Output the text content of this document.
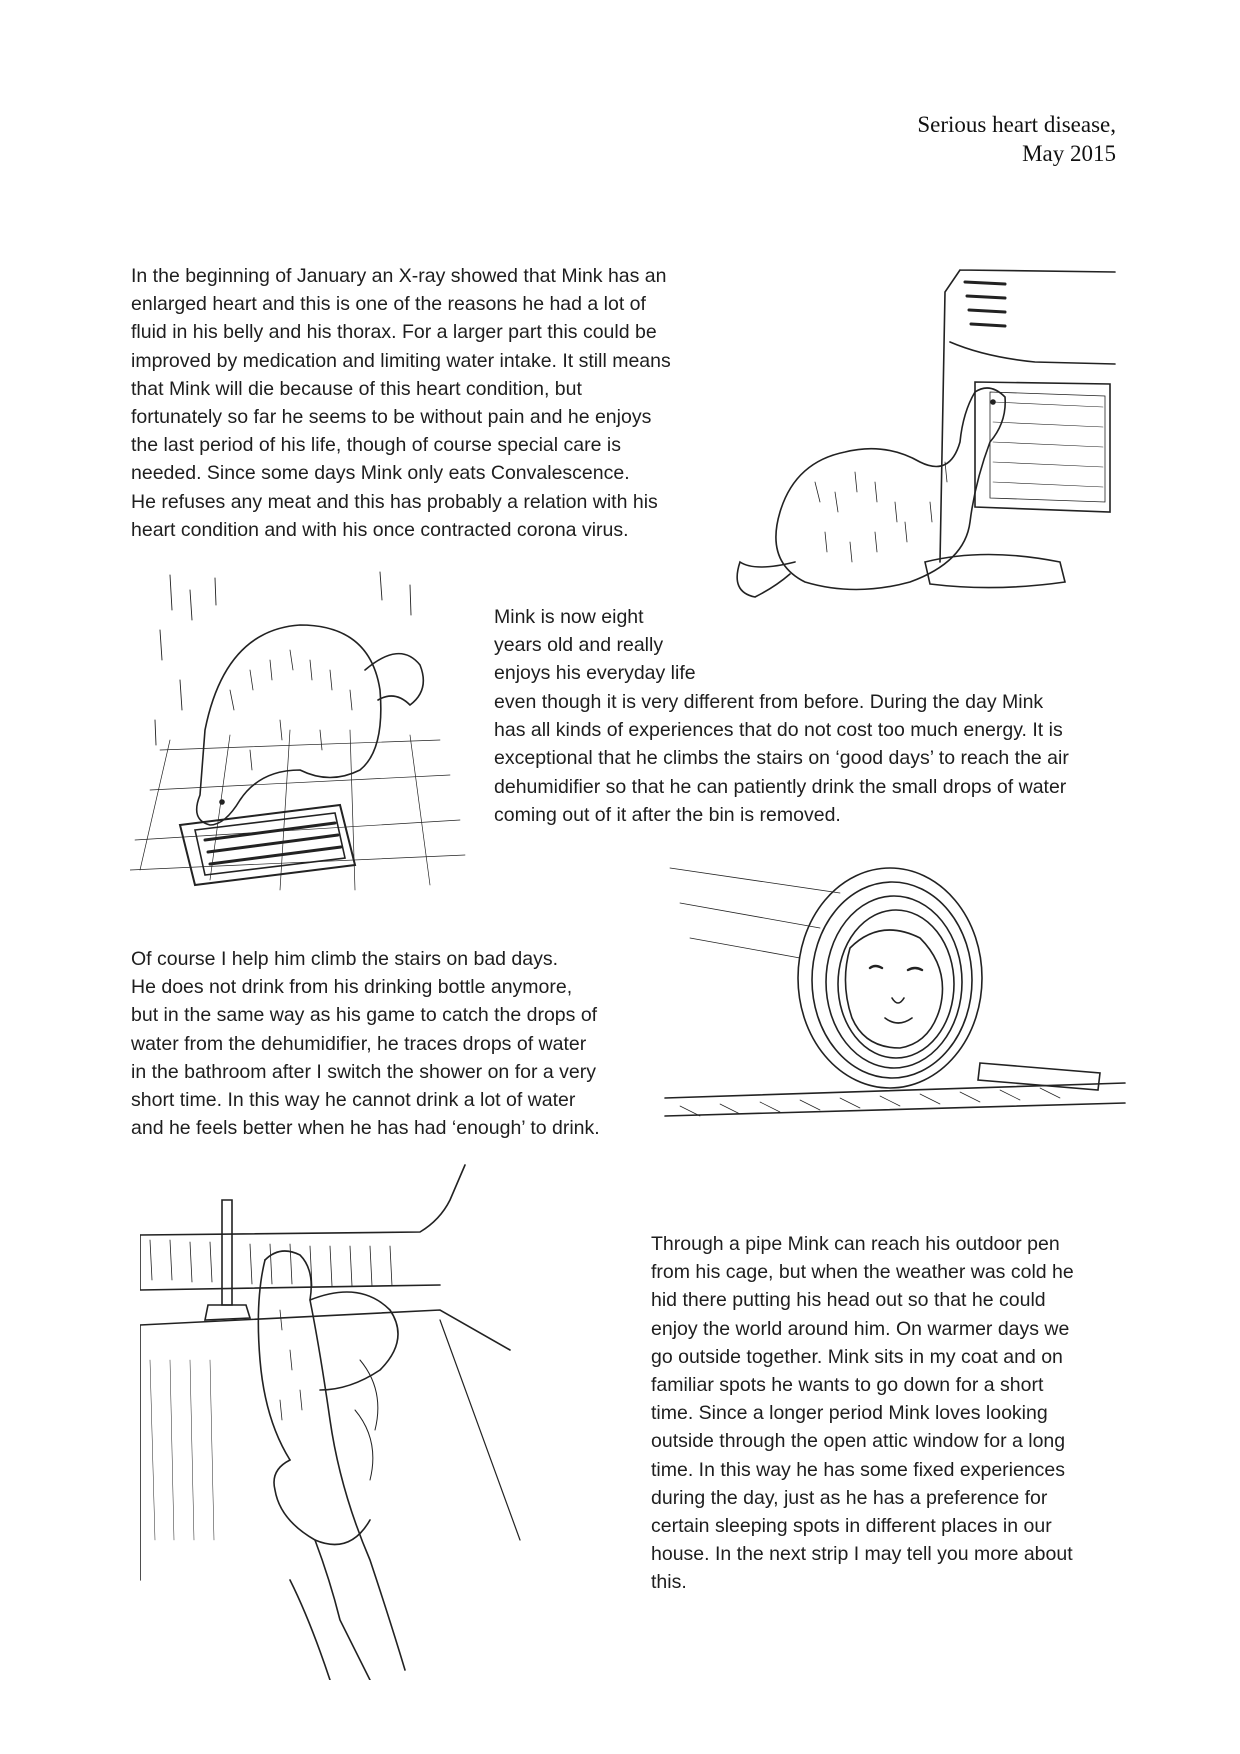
Serious heart disease,
May 2015

In the beginning of January an X-ray showed that Mink has an
enlarged heart and this is one of the reasons he had a lot of
fluid in his belly and his thorax. For a larger part this could be
improved by medication and limiting water intake. It still means
that Mink will die because of this heart condition, but
fortunately so far he seems to be without pain and he enjoys
the last period of his life, though of course special care is
needed. Since some days Mink only eats Convalescence.
He refuses any meat and this has probably a relation with his
heart condition and with his once contracted corona virus.

Mink is now eight
years old and really
enjoys his everyday life

even though it is very different from before. During the day Mink
has all kinds of experiences that do not cost too much energy. It is
exceptional that he climbs the stairs on ‘good days’ to reach the air
dehumidifier so that he can patiently drink the small drops of water
coming out of it after the bin is removed.

Of course I help him climb the stairs on bad days.
He does not drink from his drinking bottle anymore,
but in the same way as his game to catch the drops of
water from the dehumidifier, he traces drops of water
in the bathroom after I switch the shower on for a very
short time. In this way he cannot drink a lot of water
and he feels better when he has had ‘enough’ to drink.

Through a pipe Mink can reach his outdoor pen
from his cage, but when the weather was cold he
hid there putting his head out so that he could
enjoy the world around him. On warmer days we
go outside together. Mink sits in my coat and on
familiar spots he wants to go down for a short
time. Since a longer period Mink loves looking
outside through the open attic window for a long
time. In this way he has some fixed experiences
during the day, just as he has a preference for
certain sleeping spots in different places in our
house. In the next strip I may tell you more about
this.
